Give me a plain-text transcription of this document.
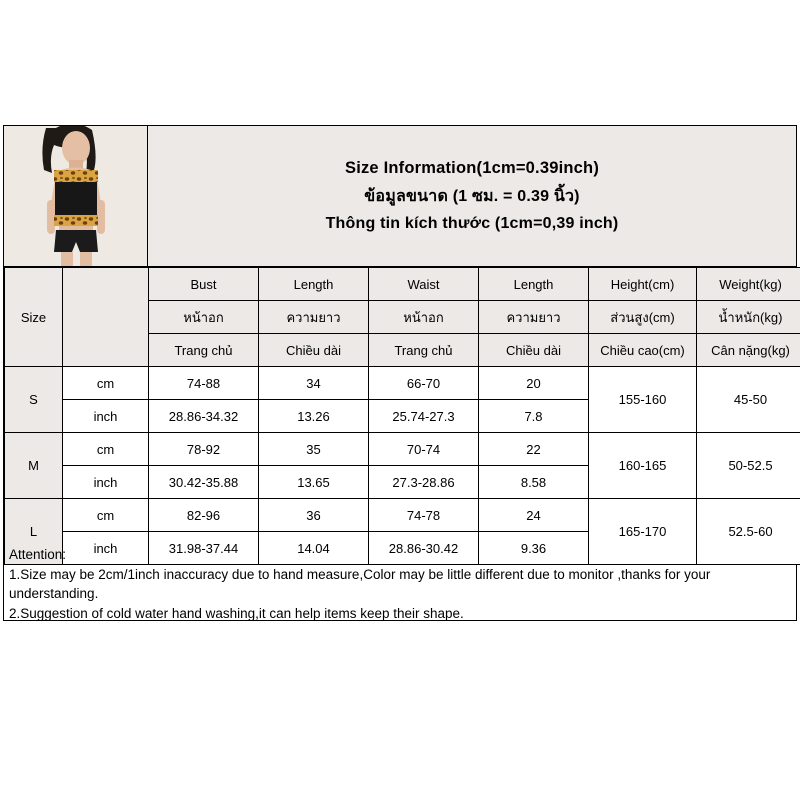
Size Information(1cm=0.39inch)
ข้อมูลขนาด (1 ซม. = 0.39 นิ้ว)
Thông tin kích thước (1cm=0,39 inch)
Size		Bust	Length	Waist	Length	Height(cm)	Weight(kg)
		หน้าอก	ความยาว	หน้าอก	ความยาว	ส่วนสูง(cm)	น้ำหนัก(kg)
		Trang chủ	Chiều dài	Trang chủ	Chiều dài	Chiều cao(cm)	Cân nặng(kg)
S	cm	74-88	34	66-70	20	155-160	45-50
	inch	28.86-34.32	13.26	25.74-27.3	7.8		
M	cm	78-92	35	70-74	22	160-165	50-52.5
	inch	30.42-35.88	13.65	27.3-28.86	8.58		
L	cm	82-96	36	74-78	24	165-170	52.5-60
	inch	31.98-37.44	14.04	28.86-30.42	9.36		
Attention:
1.Size may be 2cm/1inch inaccuracy due to hand measure,Color may be little different due to monitor ,thanks for your understanding.
2.Suggestion of cold water hand washing,it can help items keep their shape.
